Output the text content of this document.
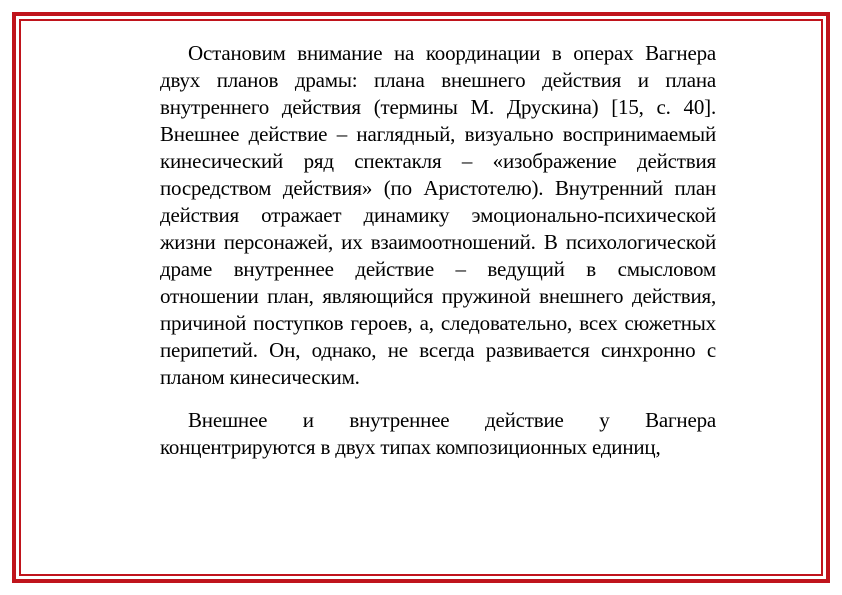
Остановим внимание на координации в операх Вагнера двух планов драмы: плана внешнего действия и плана внутреннего действия (термины М. Друскина) [15, с. 40]. Внешнее действие – наглядный, визуально воспринимаемый кинесический ряд спектакля – «изображение действия посредством действия» (по Аристотелю). Внутренний план действия отражает динамику эмоционально-психической жизни персонажей, их взаимоотношений. В психологической драме внутреннее действие – ведущий в смысловом отношении план, являющийся пружиной внешнего действия, причиной поступков героев, а, следовательно, всех сюжетных перипетий. Он, однако, не всегда развивается синхронно с планом кинесическим.

Внешнее и внутреннее действие у Вагнера концентрируются в двух типах композиционных единиц,
